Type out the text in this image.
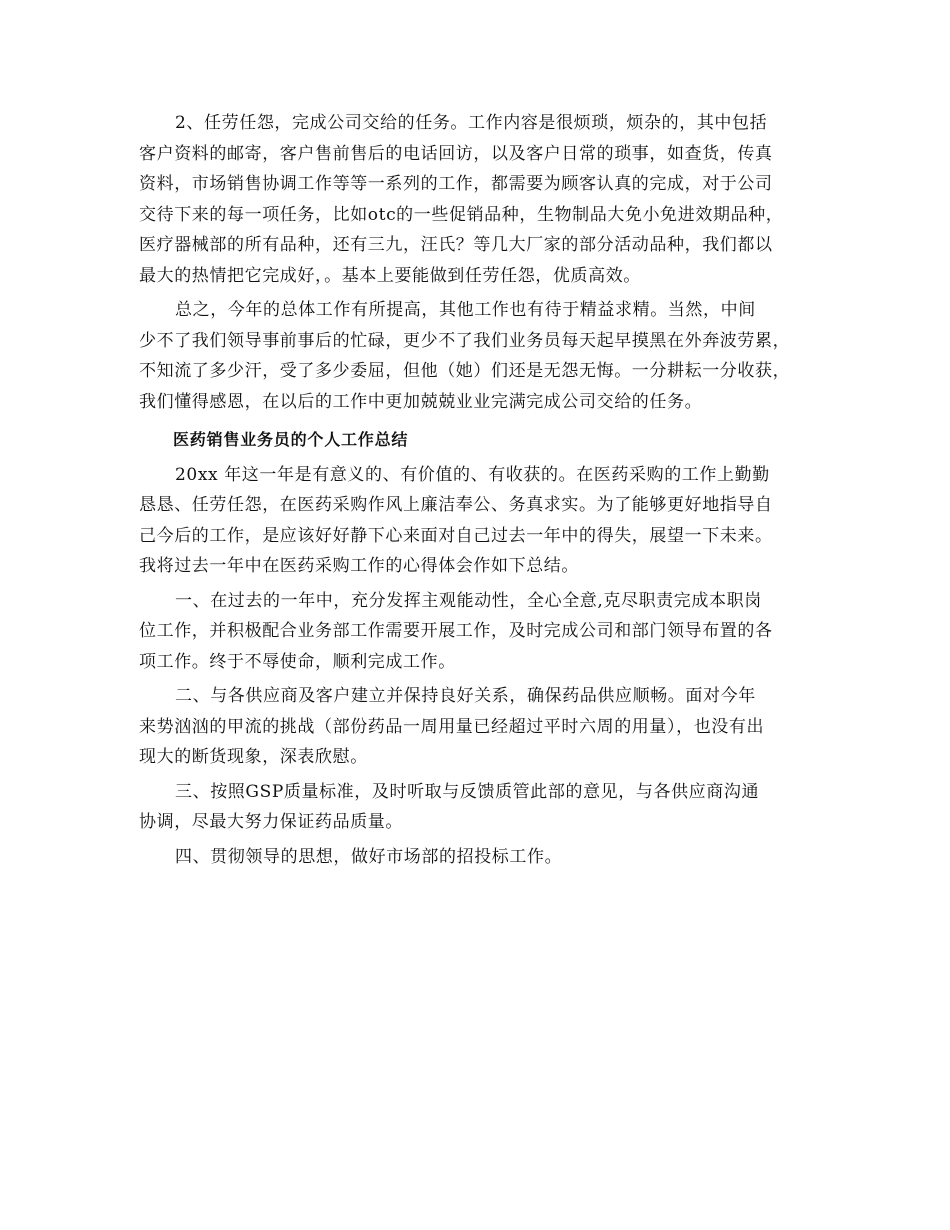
2、任劳任怨，完成公司交给的任务。工作内容是很烦琐，烦杂的，其中包括
客户资料的邮寄，客户售前售后的电话回访，以及客户日常的琐事，如查货，传真
资料，市场销售协调工作等等一系列的工作，都需要为顾客认真的完成，对于公司
交待下来的每一项任务，比如otc的一些促销品种，生物制品大免小免进效期品种，
医疗器械部的所有品种，还有三九，汪氏？等几大厂家的部分活动品种，我们都以
最大的热情把它完成好，。基本上要能做到任劳任怨，优质高效。

总之，今年的总体工作有所提高，其他工作也有待于精益求精。当然，中间
少不了我们领导事前事后的忙碌，更少不了我们业务员每天起早摸黑在外奔波劳累，
不知流了多少汗，受了多少委屈，但他（她）们还是无怨无悔。一分耕耘一分收获，
我们懂得感恩，在以后的工作中更加兢兢业业完满完成公司交给的任务。

医药销售业务员的个人工作总结

20xx 年这一年是有意义的、有价值的、有收获的。在医药采购的工作上勤勤
恳恳、任劳任怨，在医药采购作风上廉洁奉公、务真求实。为了能够更好地指导自
己今后的工作，是应该好好静下心来面对自己过去一年中的得失，展望一下未来。
我将过去一年中在医药采购工作的心得体会作如下总结。

一、在过去的一年中，充分发挥主观能动性，全心全意,克尽职责完成本职岗
位工作，并积极配合业务部工作需要开展工作，及时完成公司和部门领导布置的各
项工作。终于不辱使命，顺利完成工作。

二、与各供应商及客户建立并保持良好关系，确保药品供应顺畅。面对今年
来势汹汹的甲流的挑战（部份药品一周用量已经超过平时六周的用量），也没有出
现大的断货现象，深表欣慰。

三、按照GSP质量标准，及时听取与反馈质管此部的意见，与各供应商沟通
协调，尽最大努力保证药品质量。

四、贯彻领导的思想，做好市场部的招投标工作。
